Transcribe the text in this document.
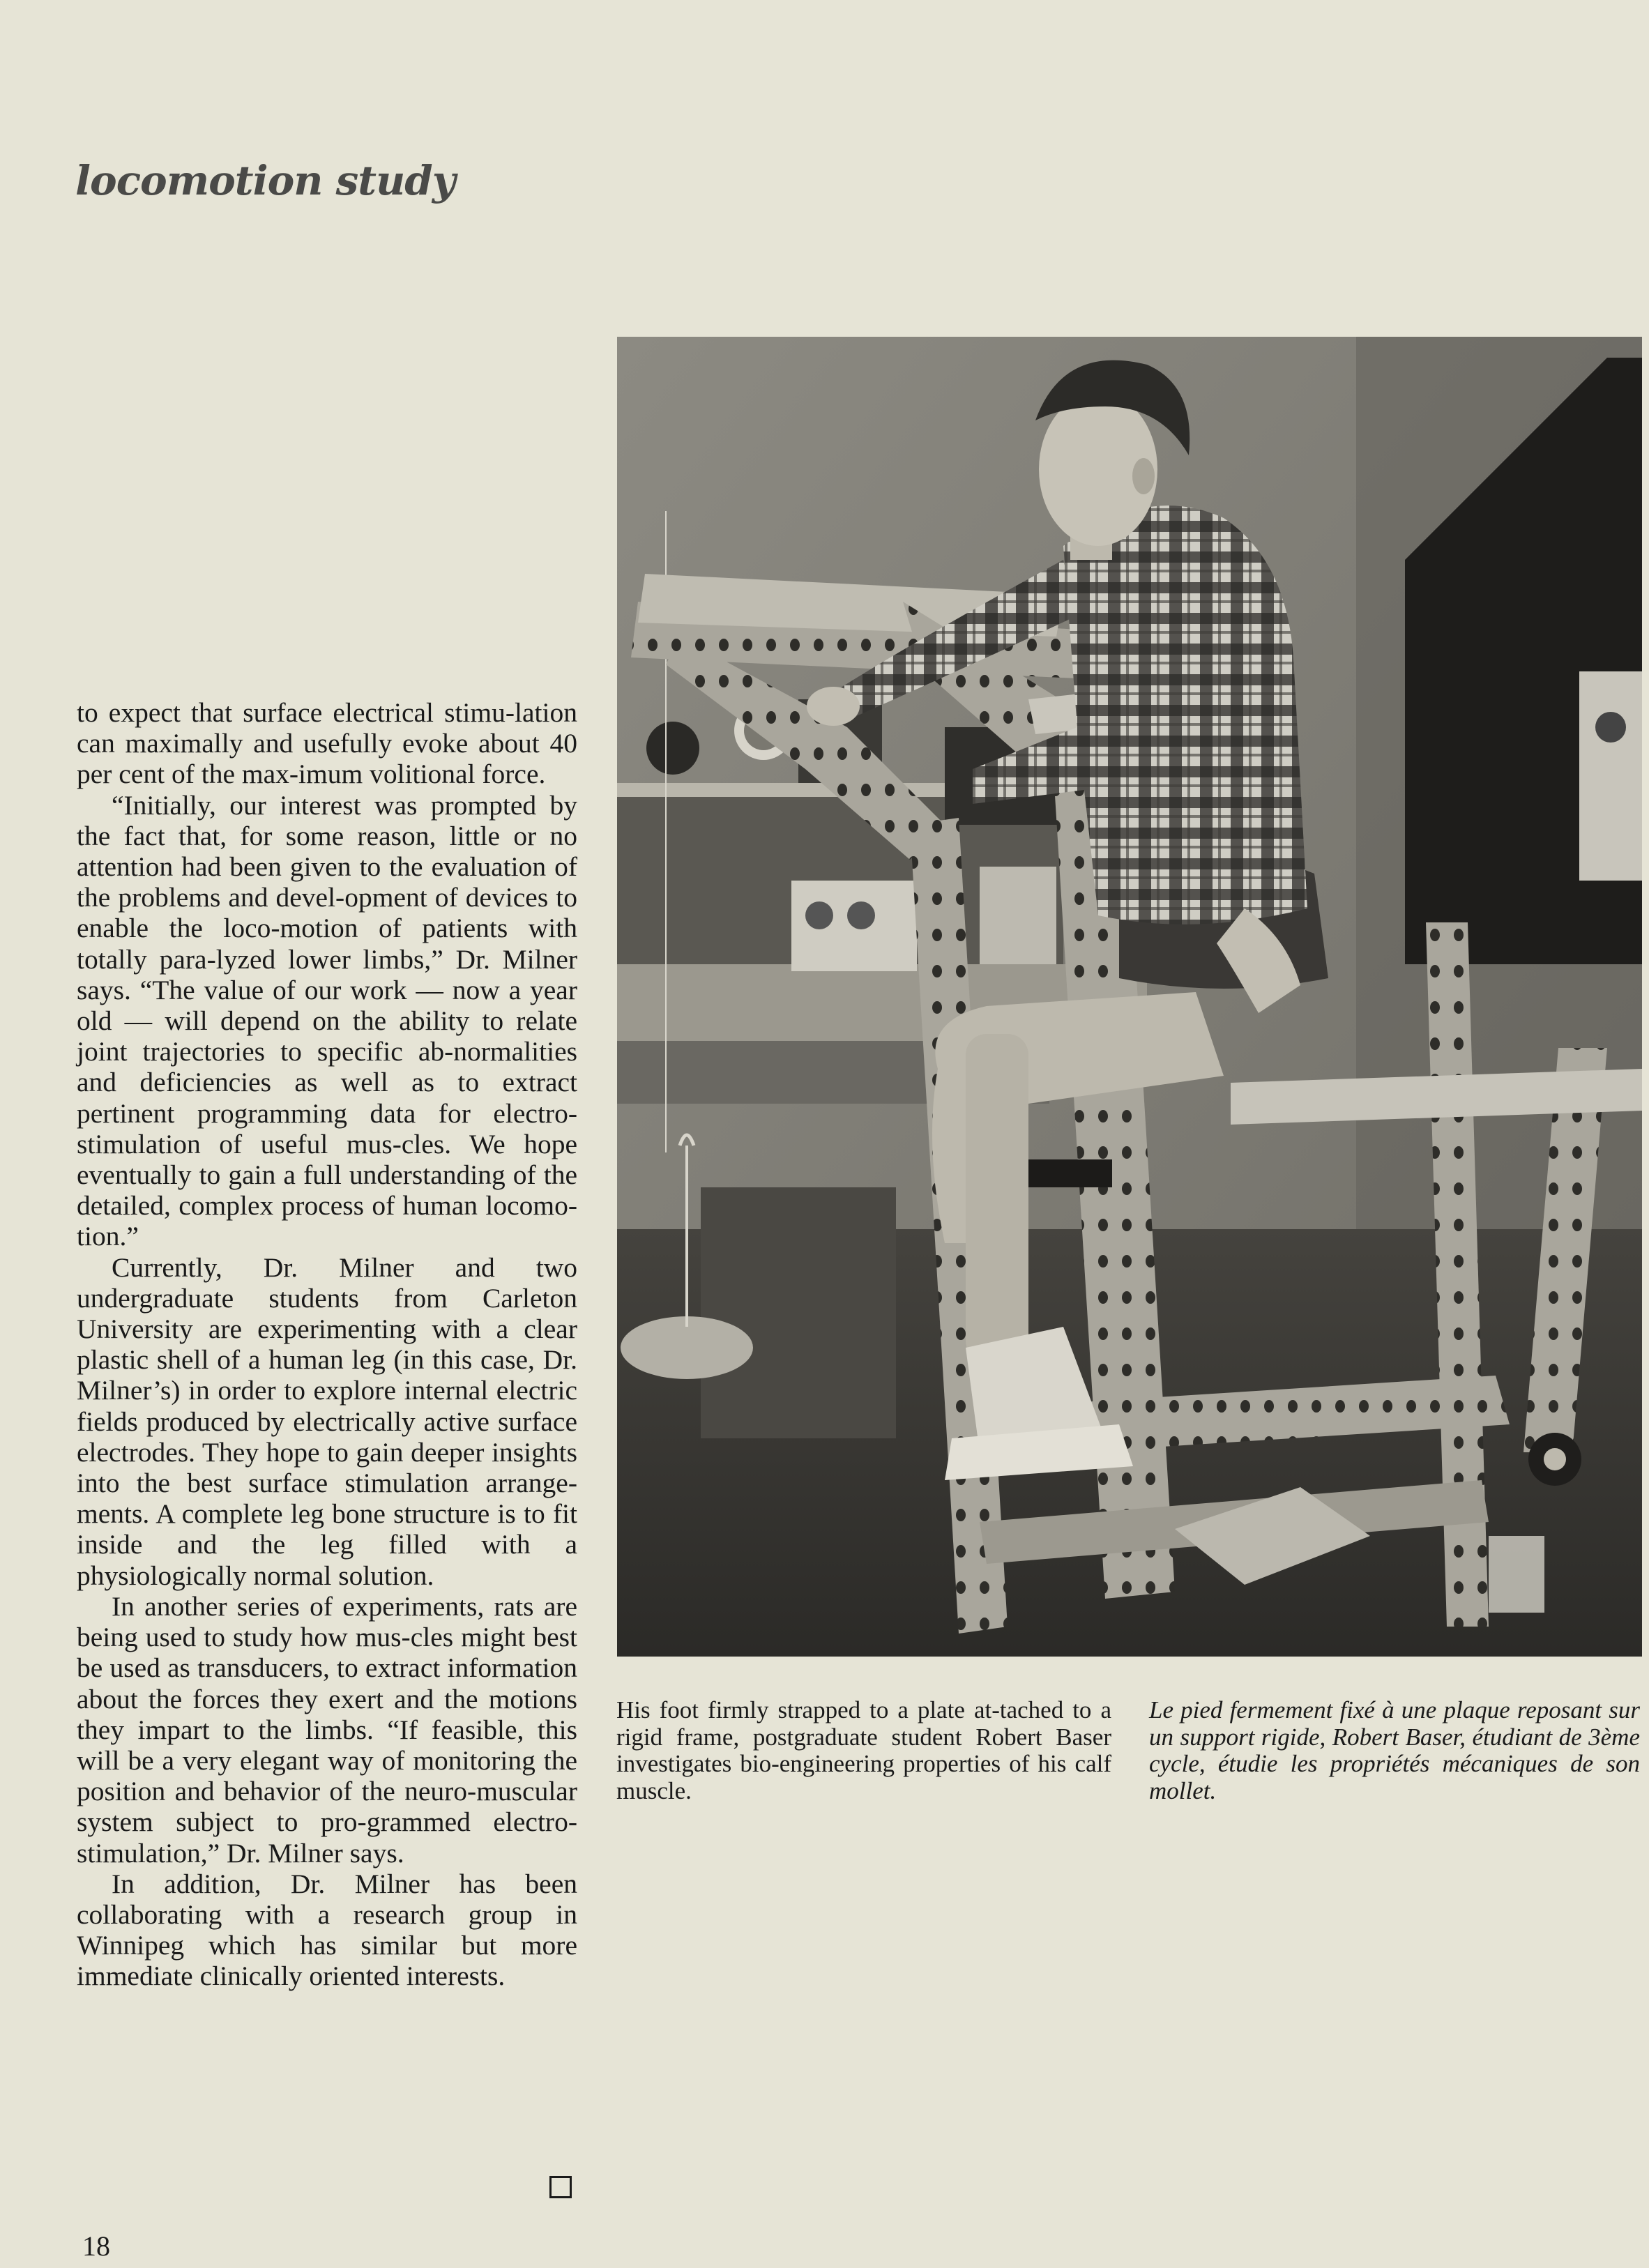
locomotion study

to expect that surface electrical stimu-lation can maximally and usefully evoke about 40 per cent of the max-imum volitional force.

“Initially, our interest was prompted by the fact that, for some reason, little or no attention had been given to the evaluation of the problems and devel-opment of devices to enable the loco-motion of patients with totally para-lyzed lower limbs,” Dr. Milner says. “The value of our work — now a year old — will depend on the ability to relate joint trajectories to specific ab-normalities and deficiencies as well as to extract pertinent programming data for electro-stimulation of useful mus-cles. We hope eventually to gain a full understanding of the detailed, complex process of human locomo-tion.”

Currently, Dr. Milner and two undergraduate students from Carleton University are experimenting with a clear plastic shell of a human leg (in this case, Dr. Milner’s) in order to explore internal electric fields produced by electrically active surface electrodes. They hope to gain deeper insights into the best surface stimulation arrange-ments. A complete leg bone structure is to fit inside and the leg filled with a physiologically normal solution.

In another series of experiments, rats are being used to study how mus-cles might best be used as transducers, to extract information about the forces they exert and the motions they impart to the limbs. “If feasible, this will be a very elegant way of monitoring the position and behavior of the neuro-muscular system subject to pro-grammed electro-stimulation,” Dr. Milner says.

In addition, Dr. Milner has been collaborating with a research group in Winnipeg which has similar but more immediate clinically oriented interests.

His foot firmly strapped to a plate at-tached to a rigid frame, postgraduate student Robert Baser investigates bio-engineering properties of his calf muscle.
Le pied fermement fixé à une plaque reposant sur un support rigide, Robert Baser, étudiant de 3ème cycle, étudie les propriétés mécaniques de son mollet.
18
